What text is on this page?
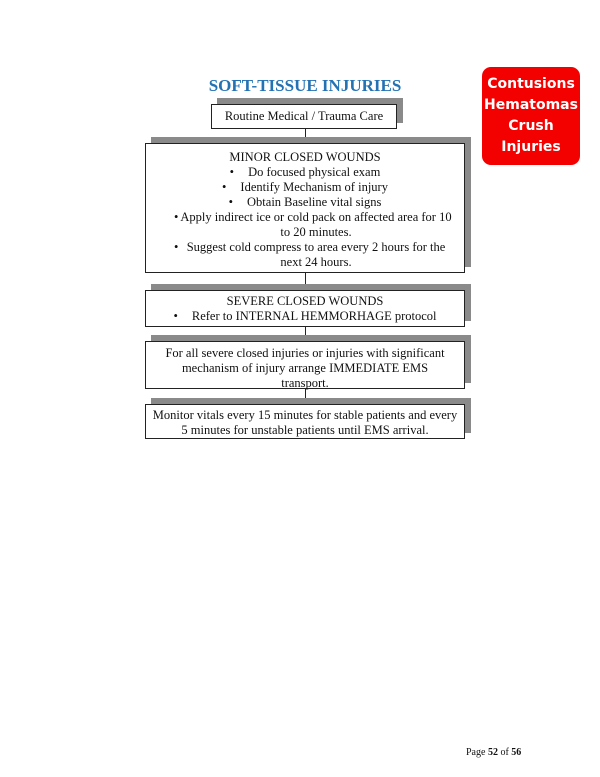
SOFT-TISSUE INJURIES	Contusions
Hematomas
Crush
Injuries
Routine Medical / Trauma Care
MINOR CLOSED WOUNDS
• Do focused physical exam
• Identify Mechanism of injury
• Obtain Baseline vital signs
• Apply indirect ice or cold pack on affected area for 10 to 20 minutes.
• Suggest cold compress to area every 2 hours for the next 24 hours.
SEVERE CLOSED WOUNDS
• Refer to INTERNAL HEMMORHAGE protocol
For all severe closed injuries or injuries with significant mechanism of injury arrange IMMEDIATE EMS transport.
Monitor vitals every 15 minutes for stable patients and every 5 minutes for unstable patients until EMS arrival.
Page 52 of 56
